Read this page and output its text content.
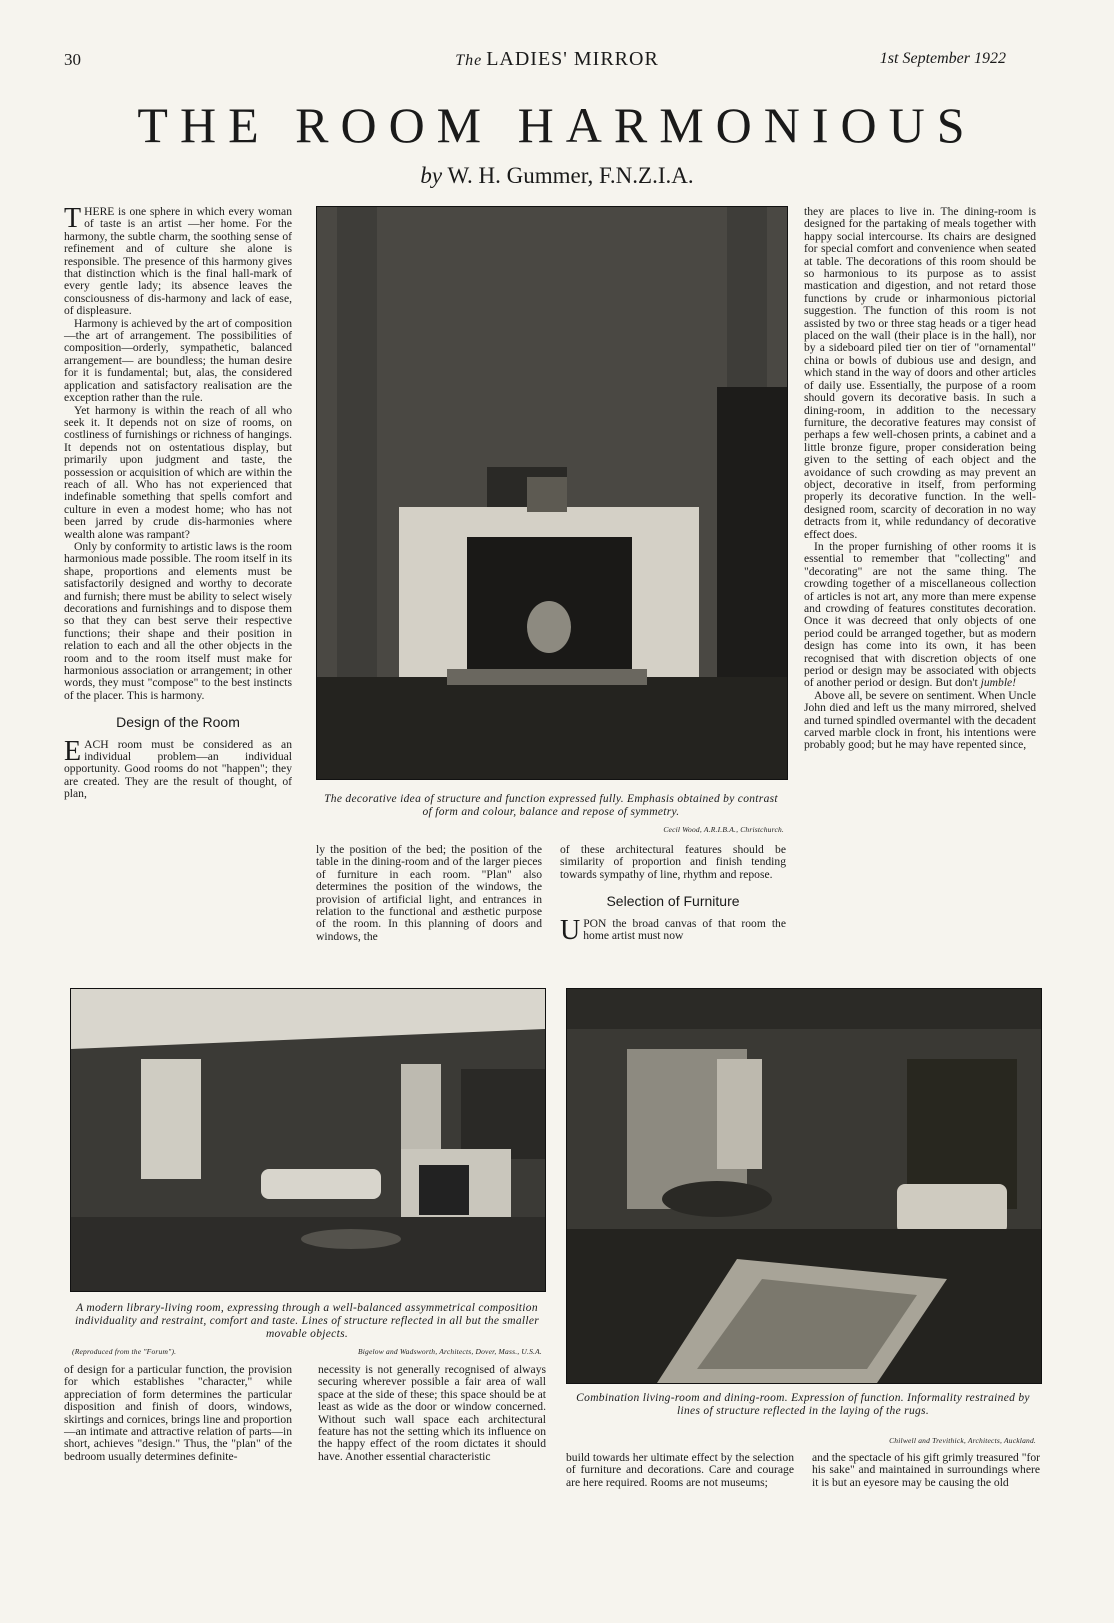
30	The LADIES' MIRROR	1st September 1922
THE ROOM HARMONIOUS
by W. H. Gummer, F.N.Z.I.A.

THERE is one sphere in which every woman of taste is an artist —her home. For the harmony, the subtle charm, the soothing sense of refinement and of culture she alone is responsible. The presence of this harmony gives that distinction which is the final hall-mark of every gentle lady; its absence leaves the consciousness of dis-harmony and lack of ease, of displeasure.

Harmony is achieved by the art of composition—the art of arrangement. The possibilities of composition—orderly, sympathetic, balanced arrangement— are boundless; the human desire for it is fundamental; but, alas, the considered application and satisfactory realisation are the exception rather than the rule.

Yet harmony is within the reach of all who seek it. It depends not on size of rooms, on costliness of furnishings or richness of hangings. It depends not on ostentatious display, but primarily upon judgment and taste, the possession or acquisition of which are within the reach of all. Who has not experienced that indefinable something that spells comfort and culture in even a modest home; who has not been jarred by crude dis-harmonies where wealth alone was rampant?

Only by conformity to artistic laws is the room harmonious made possible. The room itself in its shape, proportions and elements must be satisfactorily designed and worthy to decorate and furnish; there must be ability to select wisely decorations and furnishings and to dispose them so that they can best serve their respective functions; their shape and their position in relation to each and all the other objects in the room and to the room itself must make for harmonious association or arrangement; in other words, they must "compose" to the best instincts of the placer. This is harmony.

Design of the Room

EACH room must be considered as an individual problem—an individual opportunity. Good rooms do not "happen"; they are created. They are the result of thought, of plan,	The decorative idea of structure and function expressed fully. Emphasis obtained by contrast of form and colour, balance and repose of symmetry.
Cecil Wood, A.R.I.B.A., Christchurch.

ly the position of the bed; the position of the table in the dining-room and of the larger pieces of furniture in each room. "Plan" also determines the position of the windows, the provision of artificial light, and entrances in relation to the functional and æsthetic purpose of the room. In this planning of doors and windows, the

of these architectural features should be similarity of proportion and finish tending towards sympathy of line, rhythm and repose.

Selection of Furniture

UPON the broad canvas of that room the home artist must now

they are places to live in. The dining-room is designed for the partaking of meals together with happy social intercourse. Its chairs are designed for special comfort and convenience when seated at table. The decorations of this room should be so harmonious to its purpose as to assist mastication and digestion, and not retard those functions by crude or inharmonious pictorial suggestion. The function of this room is not assisted by two or three stag heads or a tiger head placed on the wall (their place is in the hall), nor by a sideboard piled tier on tier of "ornamental" china or bowls of dubious use and design, and which stand in the way of doors and other articles of daily use. Essentially, the purpose of a room should govern its decorative basis. In such a dining-room, in addition to the necessary furniture, the decorative features may consist of perhaps a few well-chosen prints, a cabinet and a little bronze figure, proper consideration being given to the setting of each object and the avoidance of such crowding as may prevent an object, decorative in itself, from performing properly its decorative function. In the well-designed room, scarcity of decoration in no way detracts from it, while redundancy of decorative effect does.

In the proper furnishing of other rooms it is essential to remember that "collecting" and "decorating" are not the same thing. The crowding together of a miscellaneous collection of articles is not art, any more than mere expense and crowding of features constitutes decoration. Once it was decreed that only objects of one period could be arranged together, but as modern design has come into its own, it has been recognised that with discretion objects of one period or design may be associated with objects of another period or design. But don't jumble!

Above all, be severe on sentiment. When Uncle John died and left us the many mirrored, shelved and turned spindled overmantel with the decadent carved marble clock in front, his intentions were probably good; but he may have repented since,

A modern library-living room, expressing through a well-balanced assymmetrical composition individuality and restraint, comfort and taste. Lines of structure reflected in all but the smaller movable objects.
(Reproduced from the "Forum").	Bigelow and Wadsworth, Architects, Dover, Mass., U.S.A.
Combination living-room and dining-room. Expression of function. Informality restrained by lines of structure reflected in the laying of the rugs.
Chilwell and Trevithick, Architects, Auckland.

of design for a particular function, the provision for which establishes "character," while appreciation of form determines the particular disposition and finish of doors, windows, skirtings and cornices, brings line and proportion—an intimate and attractive relation of parts—in short, achieves "design." Thus, the "plan" of the bedroom usually determines definite-

necessity is not generally recognised of always securing wherever possible a fair area of wall space at the side of these; this space should be at least as wide as the door or window concerned. Without such wall space each architectural feature has not the setting which its influence on the happy effect of the room dictates it should have. Another essential characteristic	build towards her ultimate effect by the selection of furniture and decorations. Care and courage are here required. Rooms are not museums;

and the spectacle of his gift grimly treasured "for his sake" and maintained in surroundings where it is but an eyesore may be causing the old
